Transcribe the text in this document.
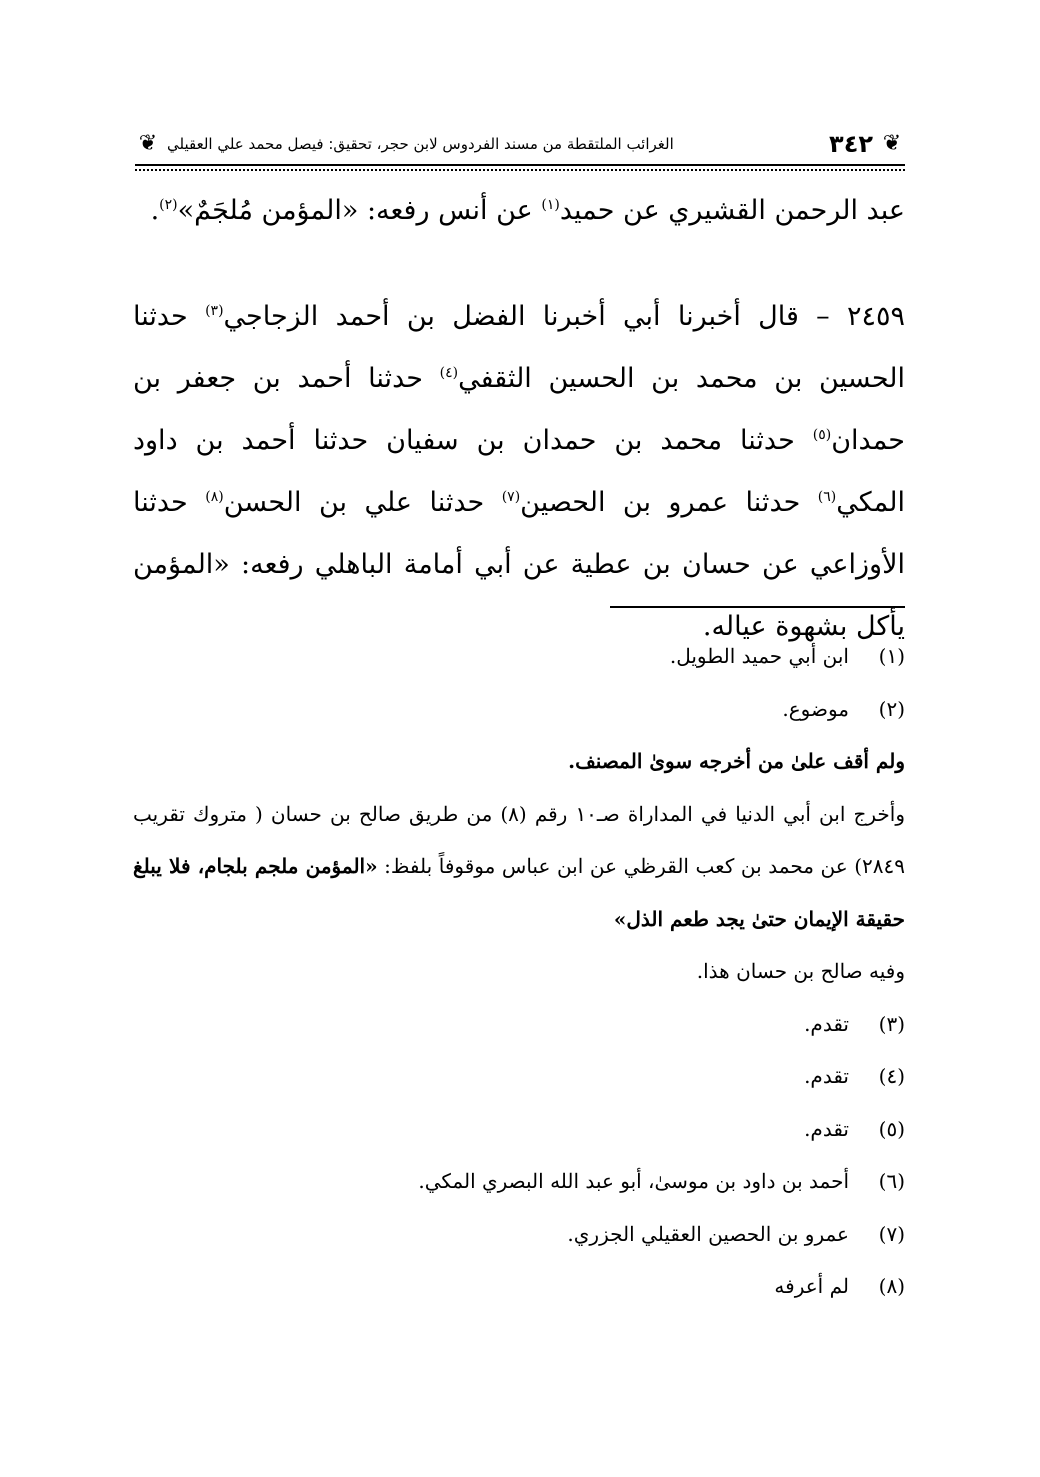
❦
٣٤٢
الغرائب الملتقطة من مسند الفردوس لابن حجر، تحقيق: فيصل محمد علي العقيلي
❦

عبد الرحمن القشيري عن حميد$^{(١)}$ عن أنس رفعه: «المؤمن مُلجَمٌ»$^{(٢)}$.

٢٤٥٩ – قال أخبرنا أبي أخبرنا الفضل بن أحمد الزجاجي$^{(٣)}$ حدثنا الحسين بن محمد بن الحسين الثقفي$^{(٤)}$ حدثنا أحمد بن جعفر بن حمدان$^{(٥)}$ حدثنا محمد بن حمدان بن سفيان حدثنا أحمد بن داود المكي$^{(٦)}$ حدثنا عمرو بن الحصين$^{(٧)}$ حدثنا علي بن الحسن$^{(٨)}$ حدثنا الأوزاعي عن حسان بن عطية عن أبي أمامة الباهلي رفعه: «المؤمن يأكل بشهوة عياله.

(١)
ابن أبي حميد الطويل.
(٢)
موضوع.

ولم أقف علىٰ من أخرجه سوىٰ المصنف.

وأخرج ابن أبي الدنيا في المداراة صـ١٠ رقم (٨) من طريق صالح بن حسان ( متروك تقريب ٢٨٤٩) عن محمد بن كعب القرظي عن ابن عباس موقوفاً بلفظ: «المؤمن ملجم بلجام، فلا يبلغ حقيقة الإيمان حتىٰ يجد طعم الذل»

وفيه صالح بن حسان هذا.

(٣)
تقدم.
(٤)
تقدم.
(٥)
تقدم.
(٦)
أحمد بن داود بن موسىٰ، أبو عبد الله البصري المكي.
(٧)
عمرو بن الحصين العقيلي الجزري.
(٨)
لم أعرفه
